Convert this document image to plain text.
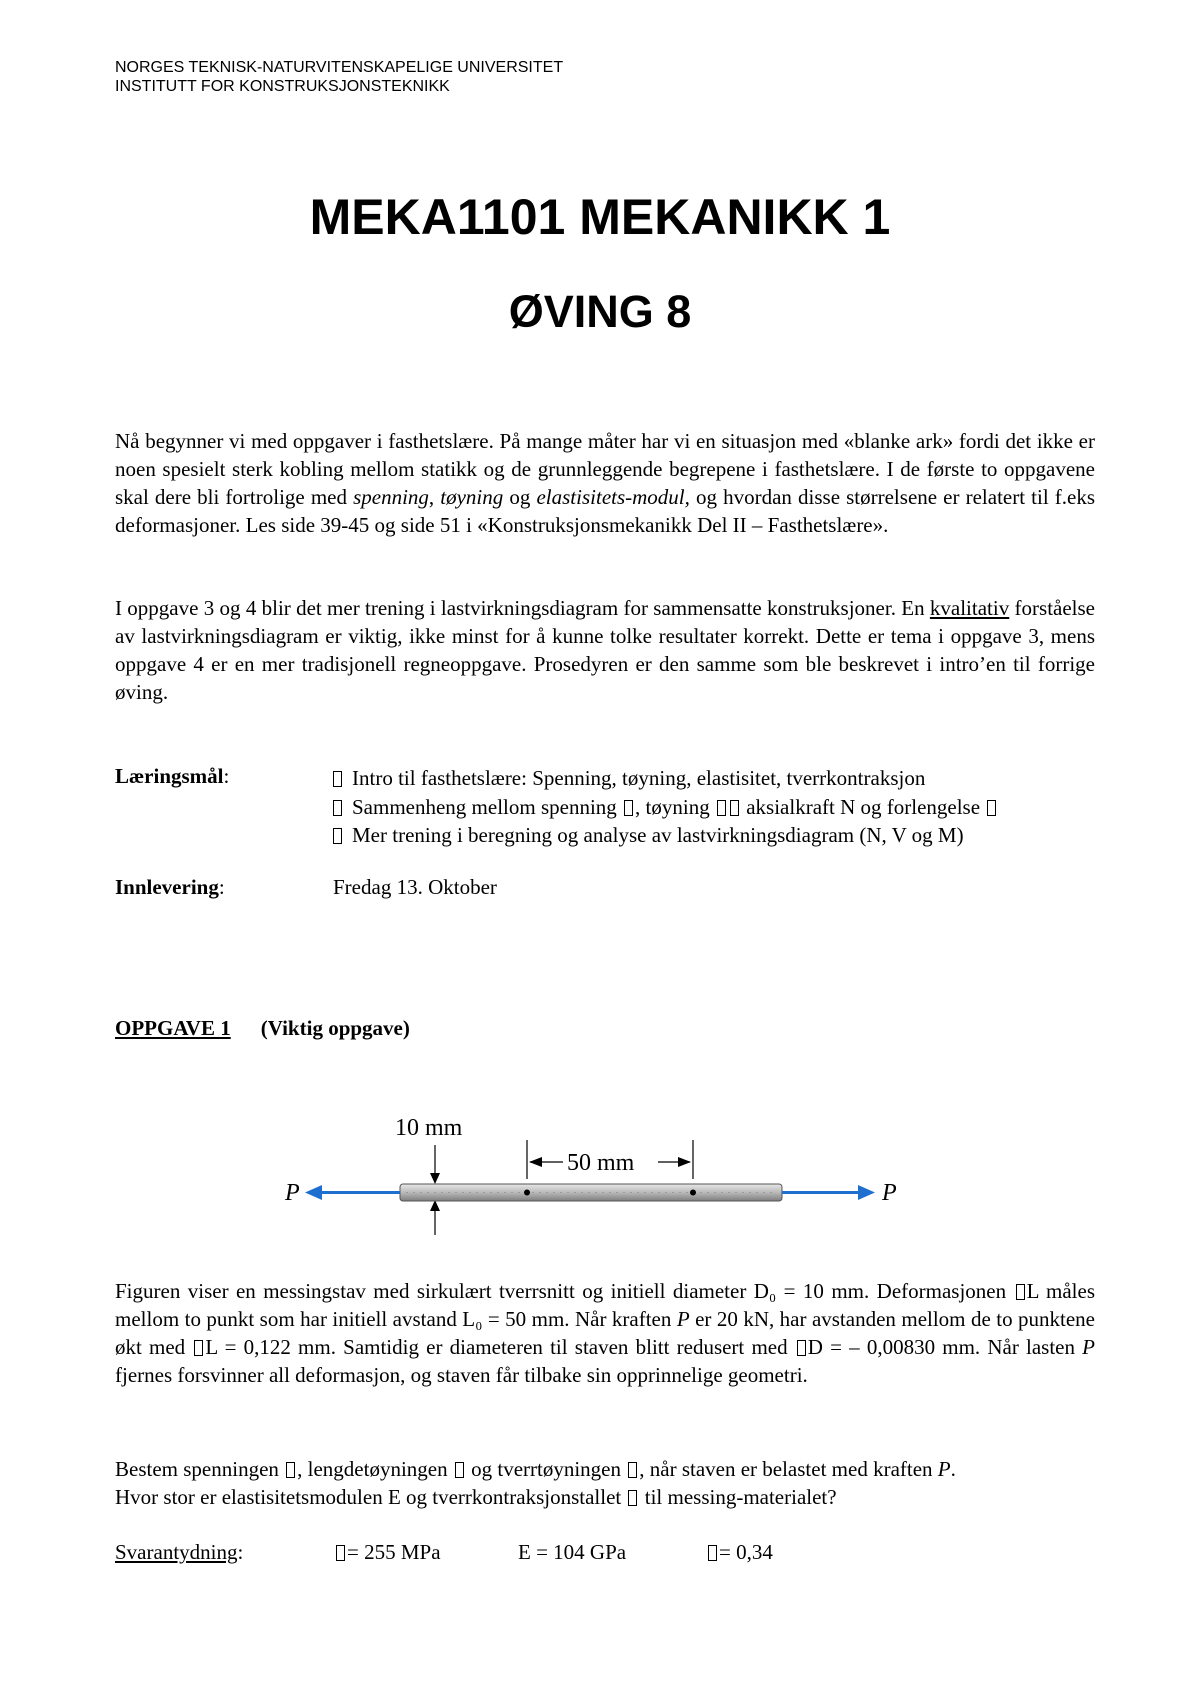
NORGES TEKNISK-NATURVITENSKAPELIGE UNIVERSITET
INSTITUTT FOR KONSTRUKSJONSTEKNIKK
MEKA1101 MEKANIKK 1
ØVING 8
Nå begynner vi med oppgaver i fasthetslære. På mange måter har vi en situasjon med «blanke ark» fordi det ikke er noen spesielt sterk kobling mellom statikk og de grunnleggende begrepene i fasthetslære. I de første to oppgavene skal dere bli fortrolige med spenning, tøyning og elastisitets-modul, og hvordan disse størrelsene er relatert til f.eks deformasjoner. Les side 39-45 og side 51 i «Konstruksjonsmekanikk Del II – Fasthetslære».
I oppgave 3 og 4 blir det mer trening i lastvirkningsdiagram for sammensatte konstruksjoner. En kvalitativ forståelse av lastvirkningsdiagram er viktig, ikke minst for å kunne tolke resultater korrekt. Dette er tema i oppgave 3, mens oppgave 4 er en mer tradisjonell regneoppgave. Prosedyren er den samme som ble beskrevet i intro’en til forrige øving.
Læringsmål:	Intro til fasthetslære: Spenning, tøyning, elastisitet, tverrkontraksjon
Sammenheng mellom spenning , tøyning  aksialkraft N og forlengelse
Mer trening i beregning og analyse av lastvirkningsdiagram (N, V og M)
Innlevering:	Fredag 13. Oktober
OPPGAVE 1 (Viktig oppgave)
10 mm
50 mm
P	P
Figuren viser en messingstav med sirkulært tverrsnitt og initiell diameter D₀ = 10 mm. Deformasjonen L måles mellom to punkt som har initiell avstand L₀ = 50 mm. Når kraften P er 20 kN, har avstanden mellom de to punktene økt med L = 0,122 mm. Samtidig er diameteren til staven blitt redusert med D = – 0,00830 mm. Når lasten P fjernes forsvinner all deformasjon, og staven får tilbake sin opprinnelige geometri.
Bestem spenningen , lengdetøyningen  og tverrtøyningen , når staven er belastet med kraften P.
Hvor stor er elastisitetsmodulen E og tverrkontraksjonstallet  til messing-materialet?
Svarantydning:	= 255 MPa	E = 104 GPa	= 0,34
